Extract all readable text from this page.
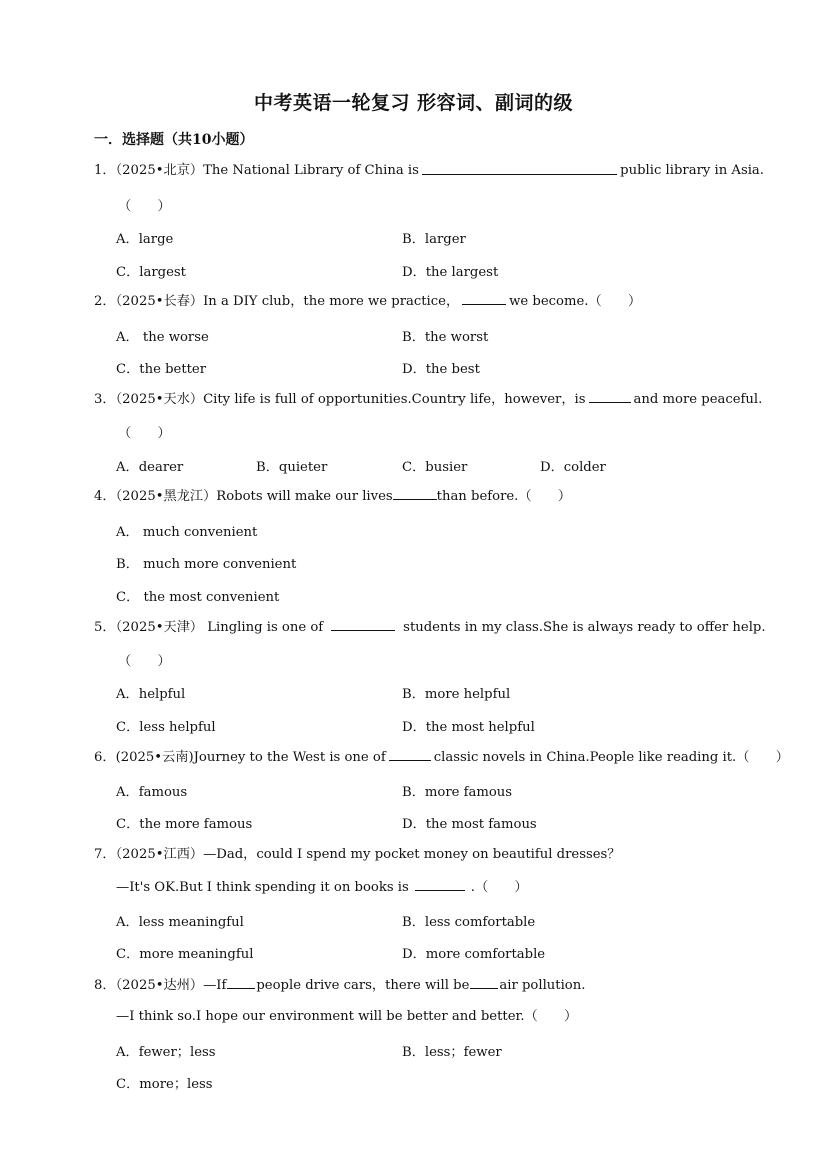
中考英语一轮复习 形容词、副词的级
一．选择题（共10小题）
1．（2025•北京）The National Library of China is	public library in Asia.
（　　）
A．large	B．larger
C．largest	D．the largest
2．（2025•长春）In a DIY club，the more we practice，	we become.（　　）
A． the worse	B．the worst
C．the better	D．the best
3．（2025•天水）City life is full of opportunities.Country life，however，is	and more peaceful.
（　　）
A．dearer	B．quieter	C．busier	D．colder
4．（2025•黑龙江）Robots will make our lives	than before.（　　）
A． much convenient
B． much more convenient
C． the most convenient
5．（2025•天津） Lingling is one of	students in my class.She is always ready to offer help.
（　　）
A．helpful	B．more helpful
C．less helpful	D．the most helpful
6．(2025•云南)Journey to the West is one of	classic novels in China.People like reading it.（　　）
A．famous	B．more famous
C．the more famous	D．the most famous
7．（2025•江西）—Dad，could I spend my pocket money on beautiful dresses？
—It's OK.But I think spending it on books is	.（　　）
A．less meaningful	B．less comfortable
C．more meaningful	D．more comfortable
8．（2025•达州）—If people drive cars，there will be air pollution.
—I think so.I hope our environment will be better and better.（　　）
A．fewer；less	B．less；fewer
C．more；less
